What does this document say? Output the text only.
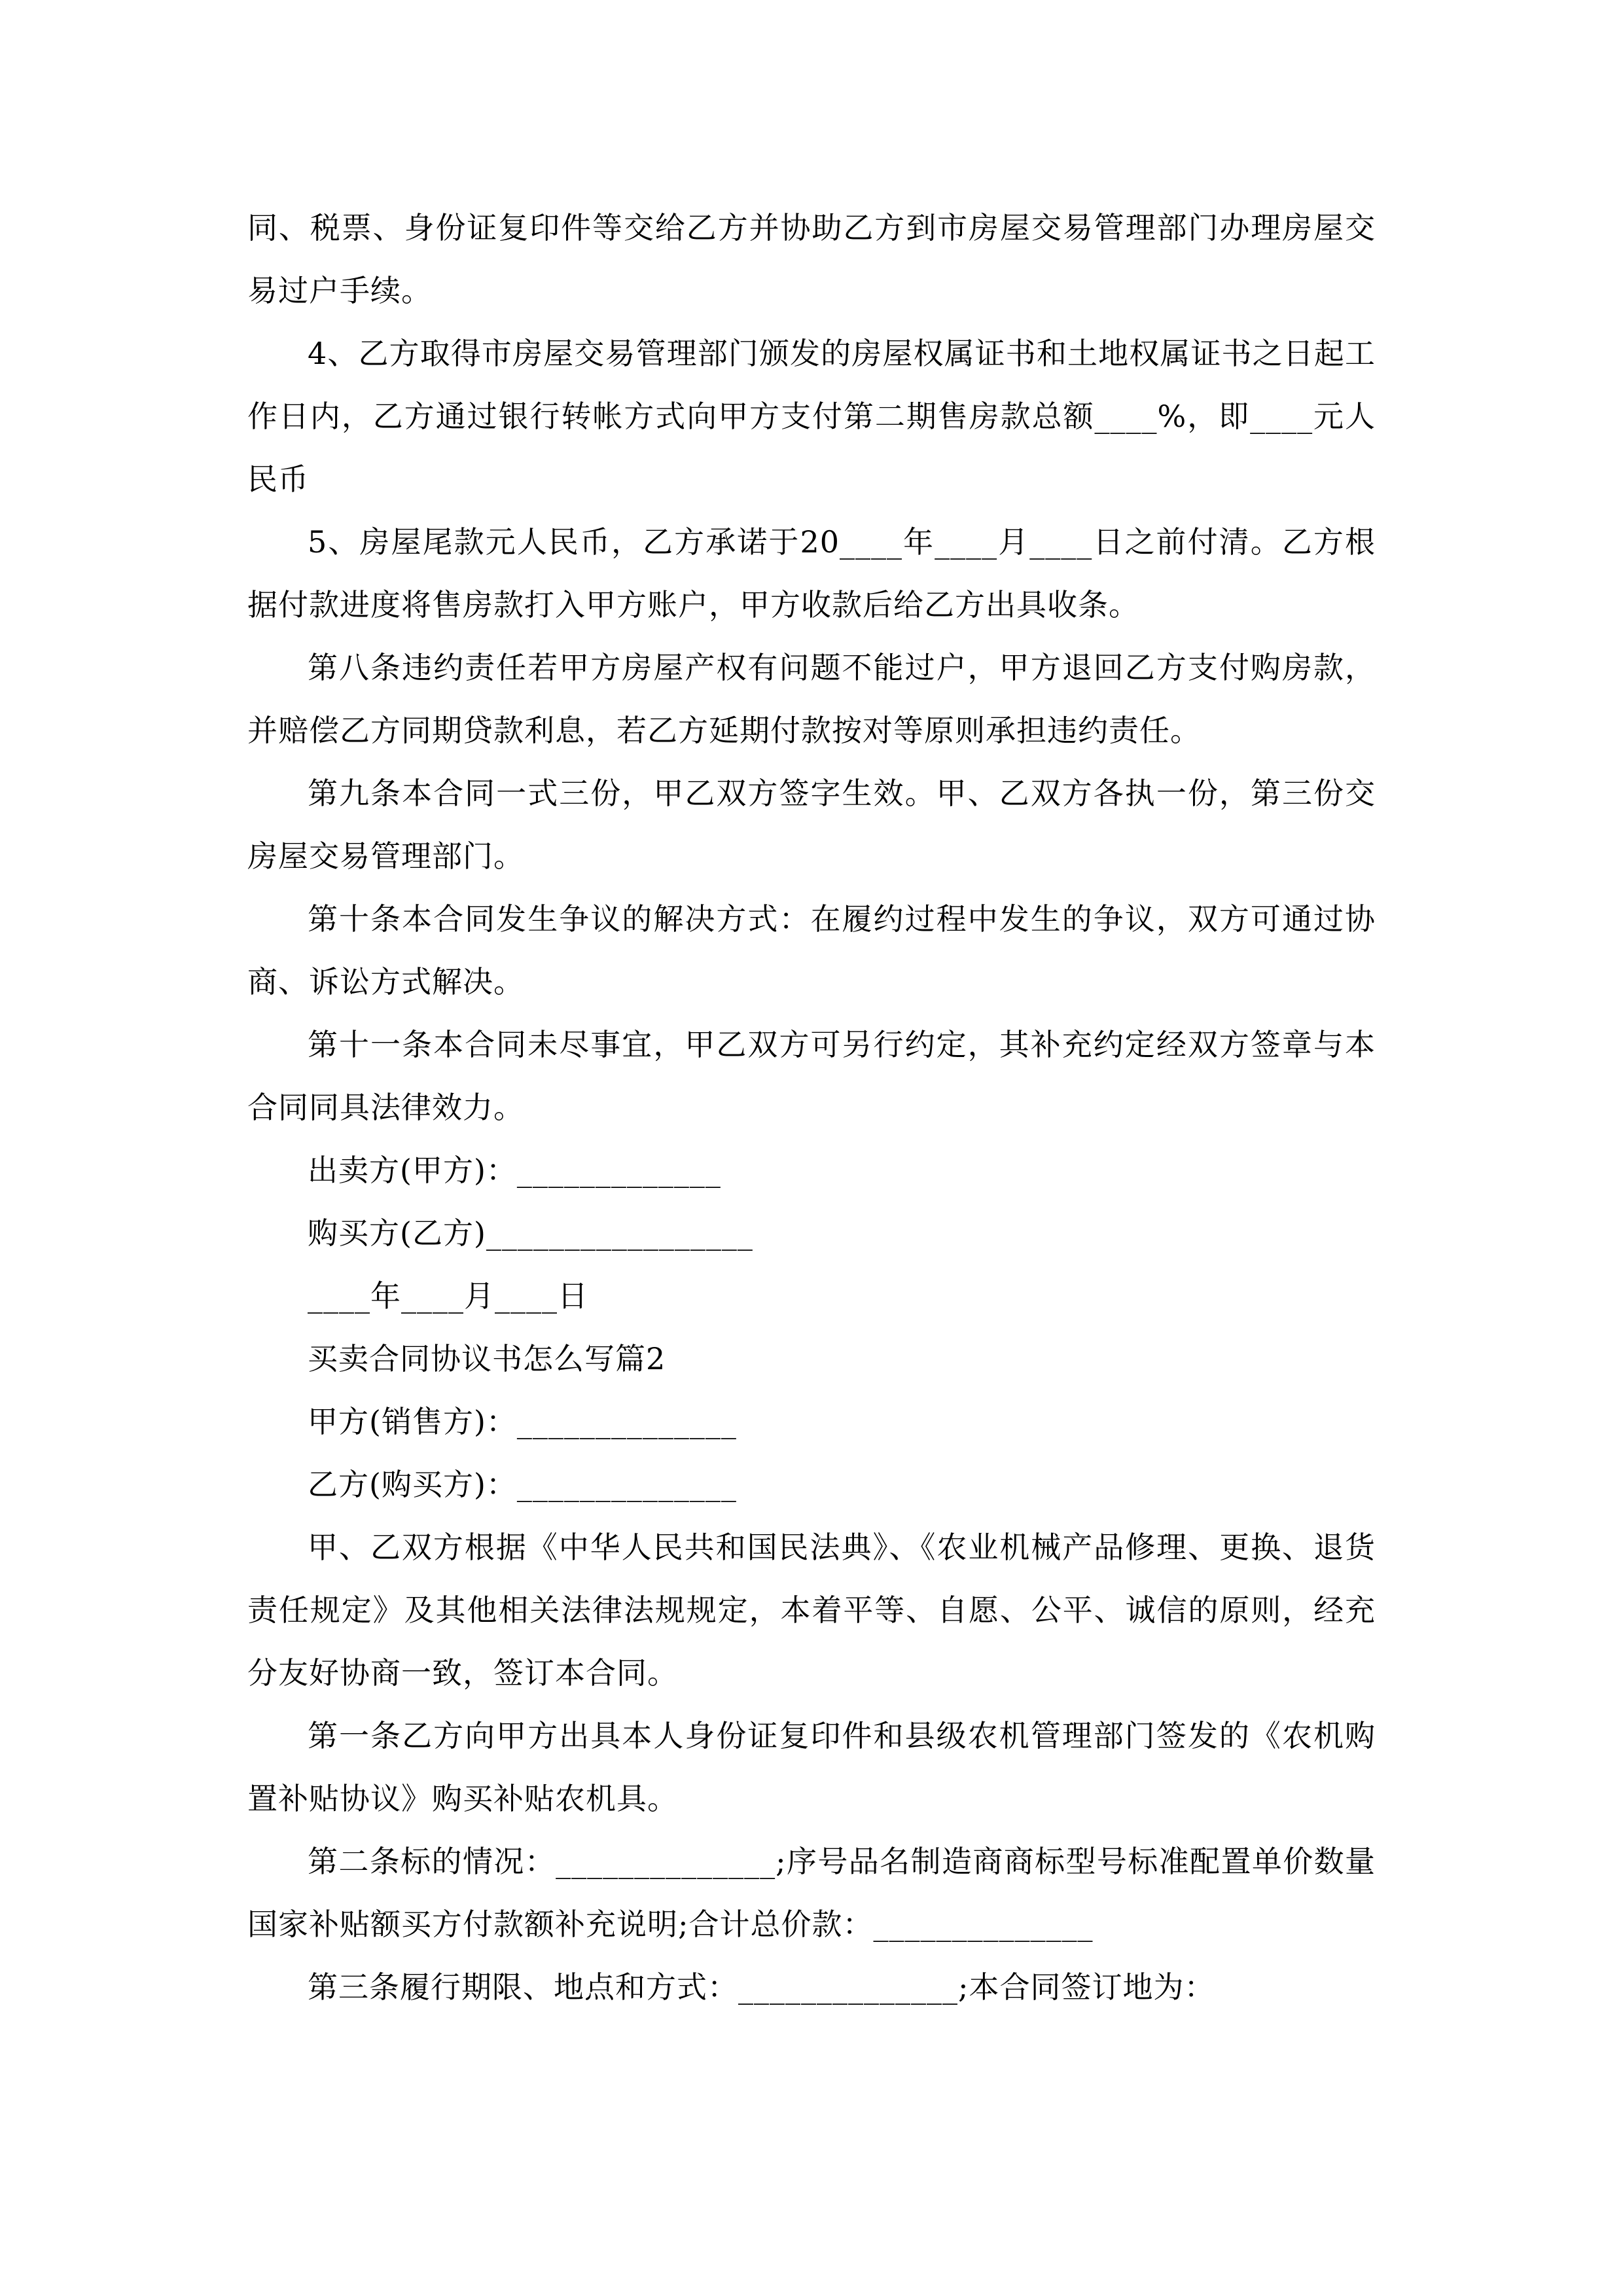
同、税票、身份证复印件等交给乙方并协助乙方到市房屋交易管理部门办理房屋交易过户手续。

4、乙方取得市房屋交易管理部门颁发的房屋权属证书和土地权属证书之日起工作日内，乙方通过银行转帐方式向甲方支付第二期售房款总额____%，即____元人民币

5、房屋尾款元人民币，乙方承诺于20____年____月____日之前付清。乙方根据付款进度将售房款打入甲方账户，甲方收款后给乙方出具收条。

第八条违约责任若甲方房屋产权有问题不能过户，甲方退回乙方支付购房款，并赔偿乙方同期贷款利息，若乙方延期付款按对等原则承担违约责任。

第九条本合同一式三份，甲乙双方签字生效。甲、乙双方各执一份，第三份交房屋交易管理部门。

第十条本合同发生争议的解决方式：在履约过程中发生的争议，双方可通过协商、诉讼方式解决。

第十一条本合同未尽事宜，甲乙双方可另行约定，其补充约定经双方签章与本合同同具法律效力。

出卖方(甲方)：_____________

购买方(乙方)_________________

____年____月____日

买卖合同协议书怎么写篇2

甲方(销售方)：______________

乙方(购买方)：______________

甲、乙双方根据《中华人民共和国民法典》、《农业机械产品修理、更换、退货责任规定》及其他相关法律法规规定，本着平等、自愿、公平、诚信的原则，经充分友好协商一致，签订本合同。

第一条乙方向甲方出具本人身份证复印件和县级农机管理部门签发的《农机购置补贴协议》购买补贴农机具。

第二条标的情况：______________;序号品名制造商商标型号标准配置单价数量国家补贴额买方付款额补充说明;合计总价款：______________

第三条履行期限、地点和方式：______________;本合同签订地为：
